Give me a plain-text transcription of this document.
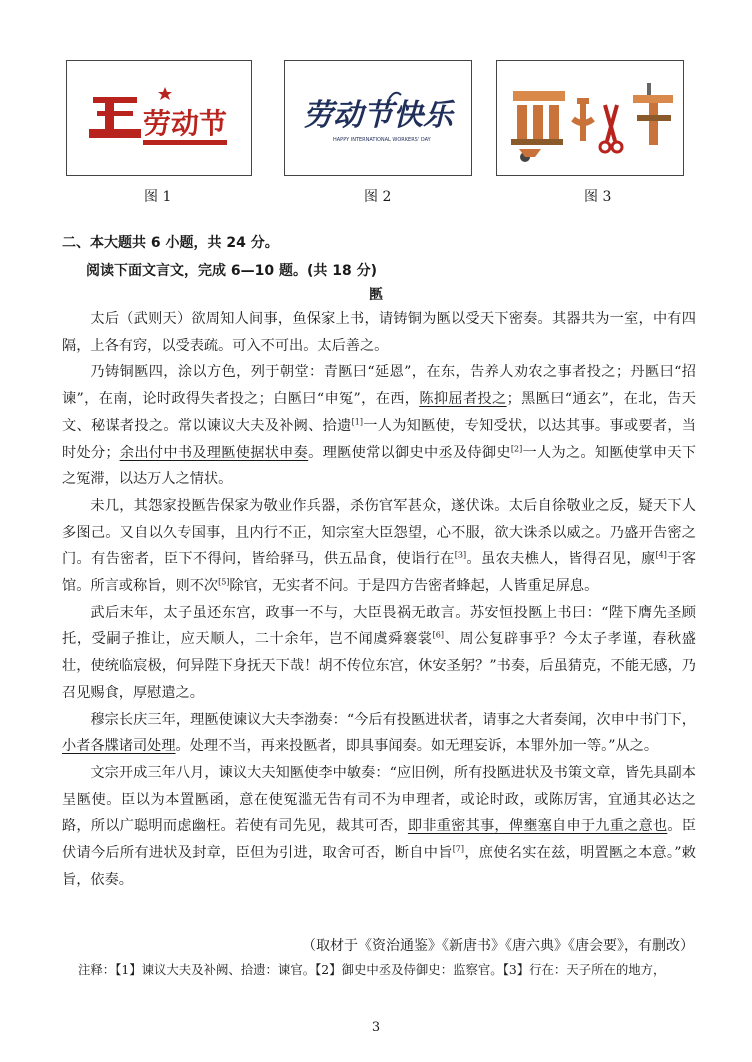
劳动节	劳动节快乐
HAPPY INTERNATIONAL WORKERS' DAY
图 1	图 2	图 3
二、本大题共 6 小题，共 24 分。
阅读下面文言文，完成 6—10 题。(共 18 分)
匦

太后（武则天）欲周知人间事，鱼保家上书，请铸铜为匦以受天下密奏。其器共为一室，中有四隔，上各有窍，以受表疏。可入不可出。太后善之。

乃铸铜匦四，涂以方色，列于朝堂：青匦曰“延恩”，在东，告养人劝农之事者投之；丹匦曰“招谏”，在南，论时政得失者投之；白匦曰“申冤”，在西，陈抑屈者投之；黑匦曰“通玄”，在北，告天文、秘谋者投之。常以谏议大夫及补阙、拾遗[1]一人为知匦使，专知受状，以达其事。事或要者，当时处分；余出付中书及理匦使据状申奏。理匦使常以御史中丞及侍御史[2]一人为之。知匦使掌申天下之冤滞，以达万人之情状。

未几，其怨家投匦告保家为敬业作兵器，杀伤官军甚众，遂伏诛。太后自徐敬业之反，疑天下人多图己。又自以久专国事，且内行不正，知宗室大臣怨望，心不服，欲大诛杀以威之。乃盛开告密之门。有告密者，臣下不得问，皆给驿马，供五品食，使诣行在[3]。虽农夫樵人，皆得召见，廪[4]于客馆。所言或称旨，则不次[5]除官，无实者不问。于是四方告密者蜂起，人皆重足屏息。

武后末年，太子虽还东宫，政事一不与，大臣畏祸无敢言。苏安恒投匦上书曰：“陛下膺先圣顾托，受嗣子推让，应天顺人，二十余年，岂不闻虞舜褰裳[6]、周公复辟事乎？今太子孝谨，春秋盛壮，使统临宸极，何异陛下身抚天下哉！胡不传位东宫，休安圣躬？”书奏，后虽猜克，不能无感，乃召见赐食，厚慰遣之。

穆宗长庆三年，理匦使谏议大夫李渤奏：“今后有投匦进状者，请事之大者奏闻，次申中书门下，小者各牒诸司处理。处理不当，再来投匦者，即具事闻奏。如无理妄诉，本罪外加一等。”从之。

文宗开成三年八月，谏议大夫知匦使李中敏奏：“应旧例，所有投匦进状及书策文章，皆先具副本呈匦使。臣以为本置匦函，意在使冤滥无告有司不为申理者，或论时政，或陈厉害，宜通其必达之路，所以广聪明而虑幽枉。若使有司先见，裁其可否，即非重密其事，俾壅塞自申于九重之意也。臣伏请今后所有进状及封章，臣但为引进，取舍可否，断自中旨[7]，庶使名实在兹，明置匦之本意。”敕旨，依奏。

（取材于《资治通鉴》《新唐书》《唐六典》《唐会要》，有删改）
注释：【1】谏议大夫及补阙、拾遗：谏官。【2】御史中丞及侍御史：监察官。【3】行在：天子所在的地方，
3
